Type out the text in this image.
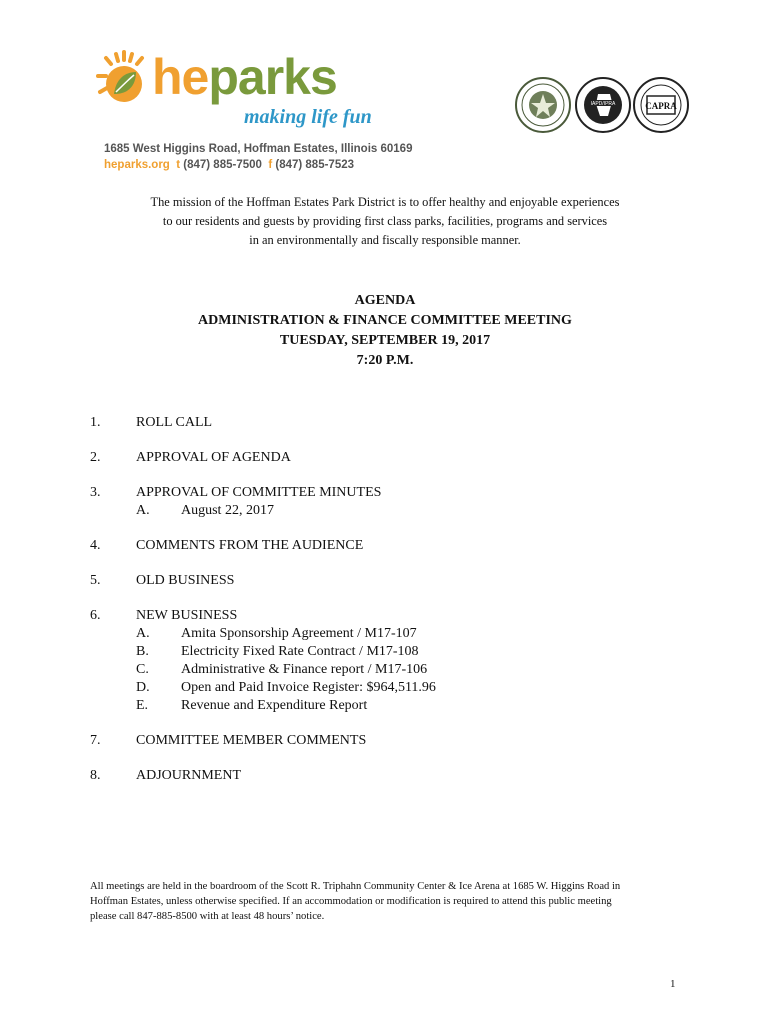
heparks
making life fun
1685 West Higgins Road, Hoffman Estates, Illinois 60169
heparks.org t (847) 885-7500 f (847) 885-7523
IAPD/IPRA	CAPRA
The mission of the Hoffman Estates Park District is to offer healthy and enjoyable experiences
to our residents and guests by providing first class parks, facilities, programs and services
in an environmentally and fiscally responsible manner.
AGENDA
ADMINISTRATION & FINANCE COMMITTEE MEETING
TUESDAY, SEPTEMBER 19, 2017
7:20 P.M.
1.	ROLL CALL
2.	APPROVAL OF AGENDA
3.	APPROVAL OF COMMITTEE MINUTES
A. August 22, 2017
4.	COMMENTS FROM THE AUDIENCE
5.	OLD BUSINESS
6.	NEW BUSINESS
A. Amita Sponsorship Agreement / M17-107
B. Electricity Fixed Rate Contract / M17-108
C. Administrative & Finance report / M17-106
D. Open and Paid Invoice Register: $964,511.96
E. Revenue and Expenditure Report
7.	COMMITTEE MEMBER COMMENTS
8.	ADJOURNMENT
All meetings are held in the boardroom of the Scott R. Triphahn Community Center & Ice Arena at 1685 W. Higgins Road in
Hoffman Estates, unless otherwise specified. If an accommodation or modification is required to attend this public meeting
please call 847-885-8500 with at least 48 hours’ notice.
1
